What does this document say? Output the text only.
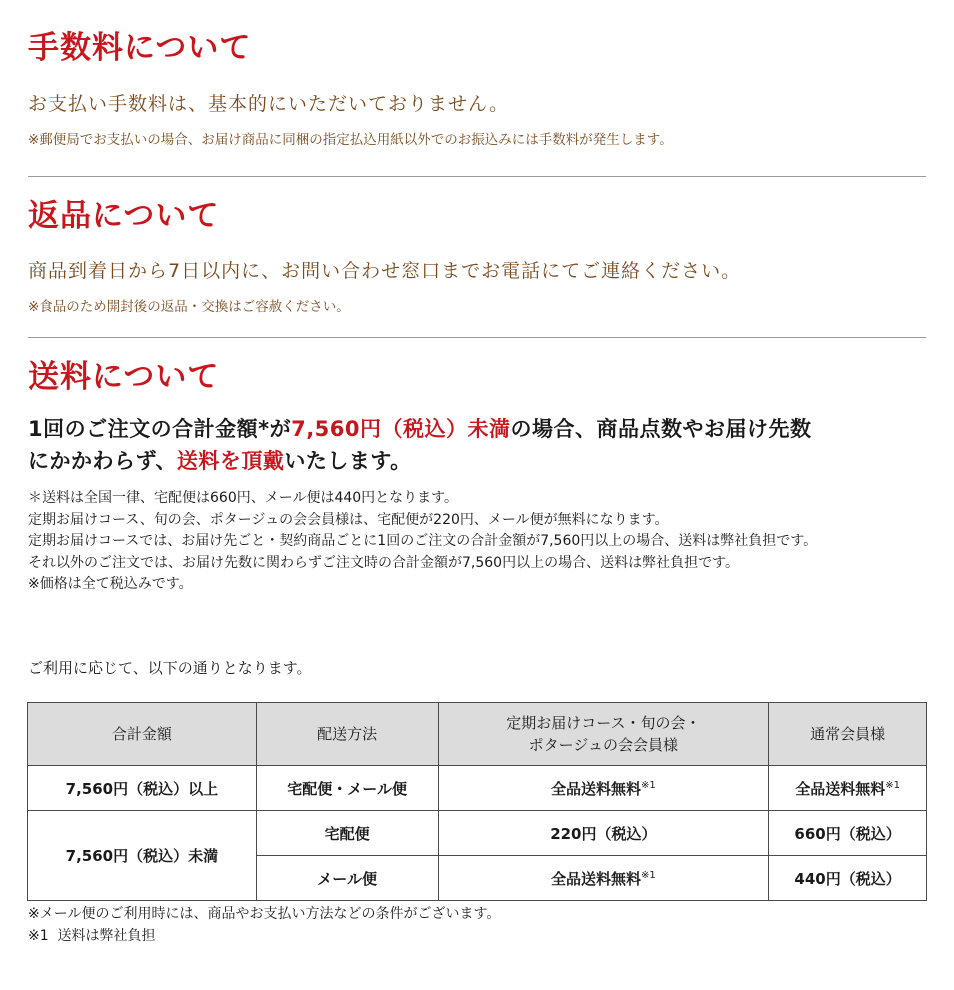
手数料について

お支払い手数料は、基本的にいただいておりません。

※郵便局でお支払いの場合、お届け商品に同梱の指定払込用紙以外でのお振込みには手数料が発生します。

返品について

商品到着日から7日以内に、お問い合わせ窓口までお電話にてご連絡ください。

※食品のため開封後の返品・交換はご容赦ください。

送料について

1回のご注文の合計金額*が7,560円（税込）未満の場合、商品点数やお届け先数
にかかわらず、送料を頂戴いたします。

＊送料は全国一律、宅配便は660円、メール便は440円となります。

定期お届けコース、旬の会、ポタージュの会会員様は、宅配便が220円、メール便が無料になります。

定期お届けコースでは、お届け先ごと・契約商品ごとに1回のご注文の合計金額が7,560円以上の場合、送料は弊社負担です。

それ以外のご注文では、お届け先数に関わらずご注文時の合計金額が7,560円以上の場合、送料は弊社負担です。

※価格は全て税込みです。

ご利用に応じて、以下の通りとなります。

合計金額	配送方法	定期お届けコース・旬の会・
ポタージュの会会員様	通常会員様
7,560円（税込）以上	宅配便・メール便	全品送料無料$^{※1}$	全品送料無料$^{※1}$
7,560円（税込）未満	宅配便	220円（税込）	660円（税込）
	メール便	全品送料無料$^{※1}$	440円（税込）

※メール便のご利用時には、商品やお支払い方法などの条件がございます。

※1  送料は弊社負担
